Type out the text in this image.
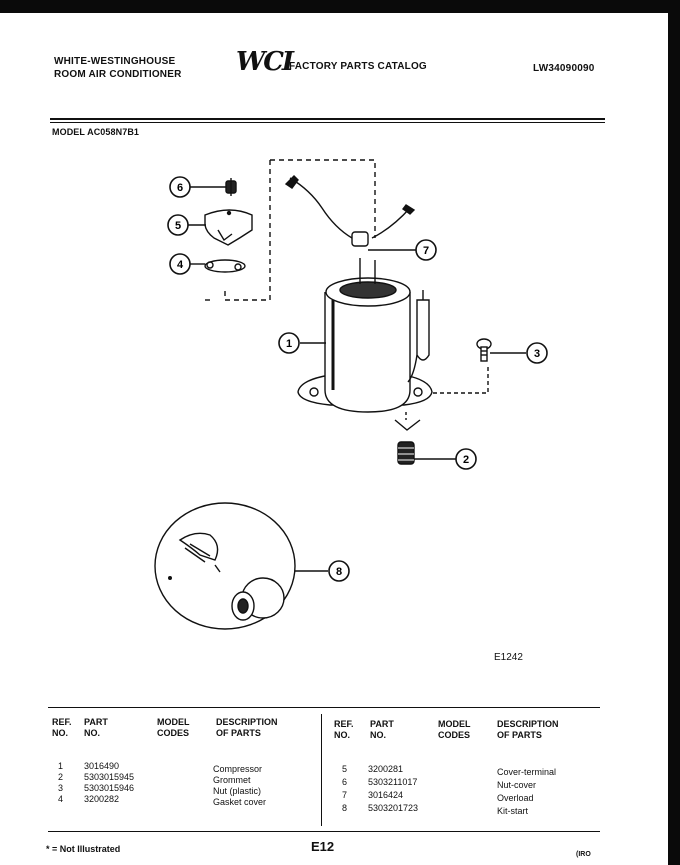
WHITE-WESTINGHOUSE
ROOM AIR CONDITIONER WCI
FACTORY PARTS CATALOG	LW34090090
MODEL AC058N7B1
6
5
4
7
1
3
2
8
E1242
REF.
NO.
PART
NO.
MODEL
CODES
DESCRIPTION
OF PARTS
REF.
NO.
PART
NO.
MODEL
CODES
DESCRIPTION
OF PARTS
1 3016490	Compressor
2 5303015945	Grommet
3 5303015946	Nut (plastic)
4 3200282	Gasket cover
5 3200281	Cover-terminal
6 5303211017	Nut-cover
7 3016424	Overload
8 5303201723	Kit-start
* = Not Illustrated	E12
(IRO
